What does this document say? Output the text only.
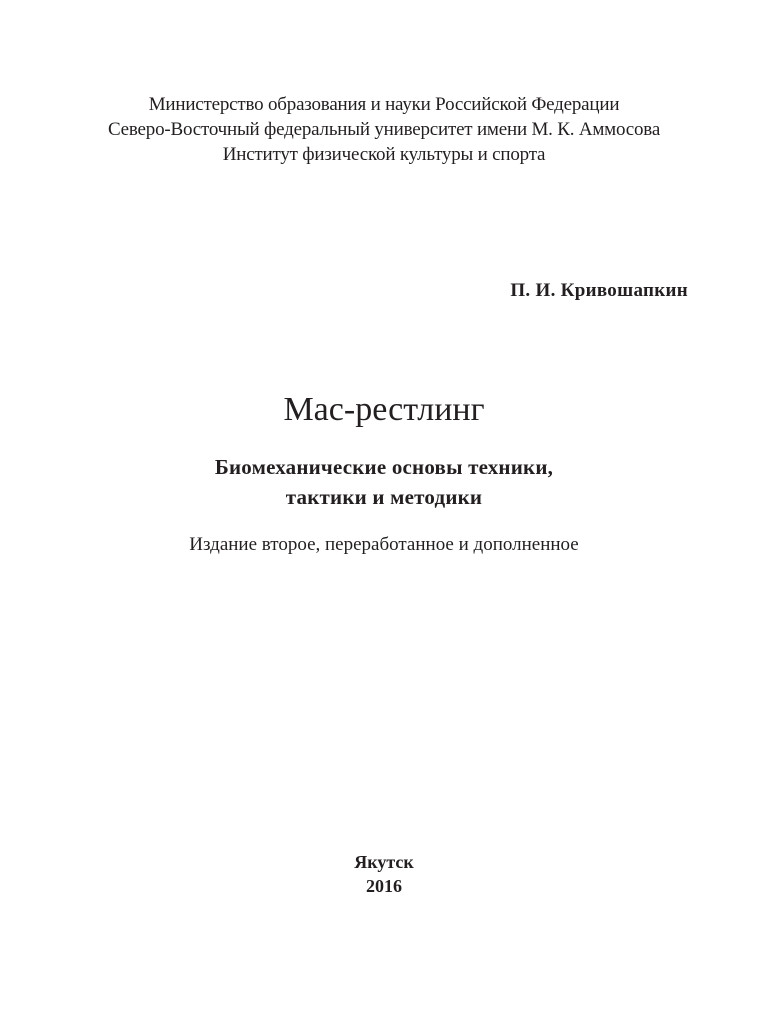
Министерство образования и науки Российской Федерации
Северо-Восточный федеральный университет имени М. К. Аммосова
Институт физической культуры и спорта
П. И. Кривошапкин
Мас-рестлинг
Биомеханические основы техники,
тактики и методики
Издание второе, переработанное и дополненное
Якутск
2016
